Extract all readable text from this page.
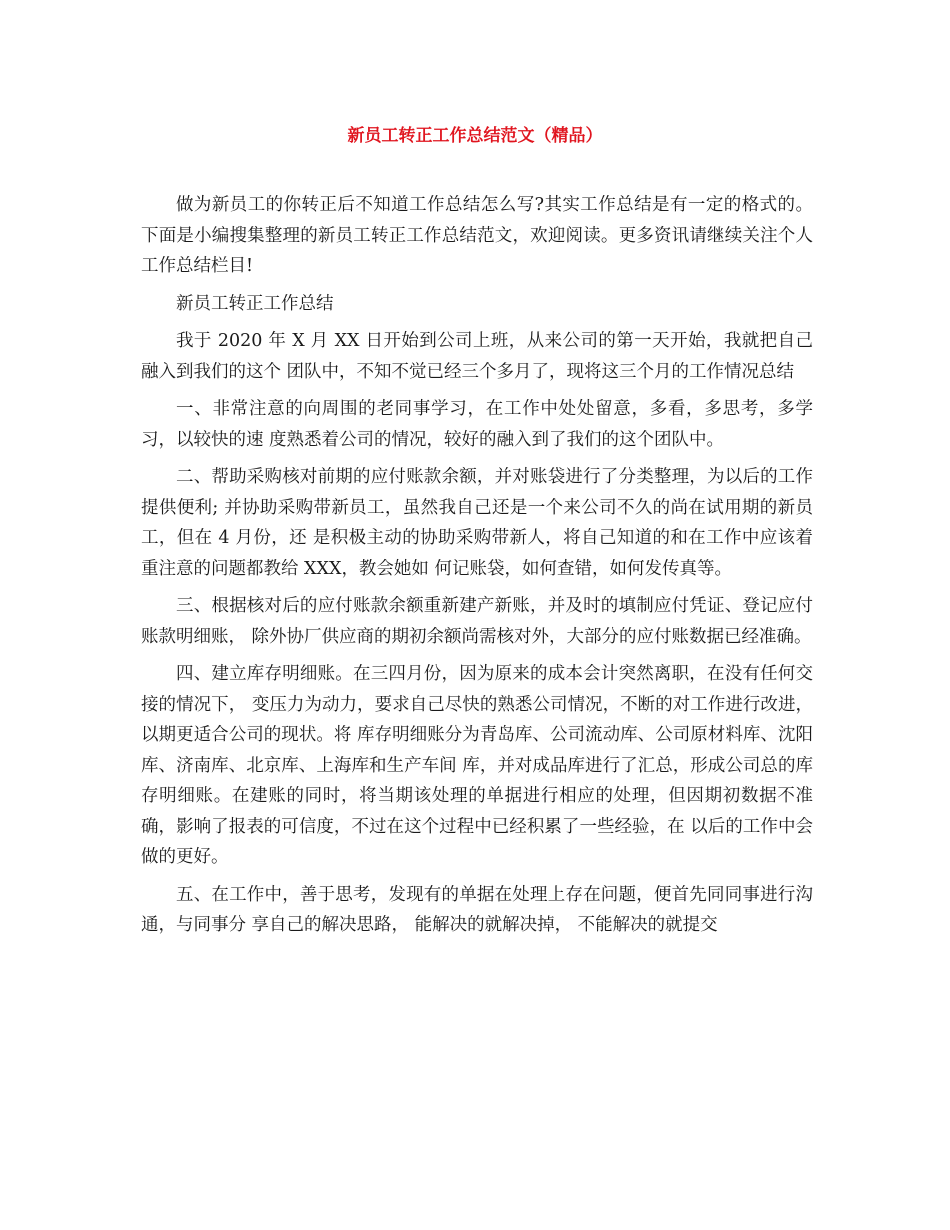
新员工转正工作总结范文（精品）

做为新员工的你转正后不知道工作总结怎么写?其实工作总结是有一定的格式的。下面是小编搜集整理的新员工转正工作总结范文，欢迎阅读。更多资讯请继续关注个人工作总结栏目!

新员工转正工作总结

我于 2020 年 X 月 XX 日开始到公司上班，从来公司的第一天开始，我就把自己融入到我们的这个 团队中，不知不觉已经三个多月了，现将这三个月的工作情况总结

一、非常注意的向周围的老同事学习，在工作中处处留意，多看，多思考，多学习，以较快的速 度熟悉着公司的情况，较好的融入到了我们的这个团队中。

二、帮助采购核对前期的应付账款余额，并对账袋进行了分类整理，为以后的工作提供便利; 并协助采购带新员工，虽然我自己还是一个来公司不久的尚在试用期的新员工，但在 4 月份，还 是积极主动的协助采购带新人，将自己知道的和在工作中应该着重注意的问题都教给 XXX，教会她如 何记账袋，如何查错，如何发传真等。

三、根据核对后的应付账款余额重新建产新账，并及时的填制应付凭证、登记应付账款明细账， 除外协厂供应商的期初余额尚需核对外，大部分的应付账数据已经准确。

四、建立库存明细账。在三四月份，因为原来的成本会计突然离职，在没有任何交接的情况下， 变压力为动力，要求自己尽快的熟悉公司情况，不断的对工作进行改进，以期更适合公司的现状。将 库存明细账分为青岛库、公司流动库、公司原材料库、沈阳库、济南库、北京库、上海库和生产车间 库，并对成品库进行了汇总，形成公司总的库存明细账。在建账的同时，将当期该处理的单据进行相应的处理，但因期初数据不准确，影响了报表的可信度，不过在这个过程中已经积累了一些经验，在 以后的工作中会做的更好。

五、在工作中，善于思考，发现有的单据在处理上存在问题，便首先同同事进行沟通，与同事分 享自己的解决思路， 能解决的就解决掉， 不能解决的就提交
